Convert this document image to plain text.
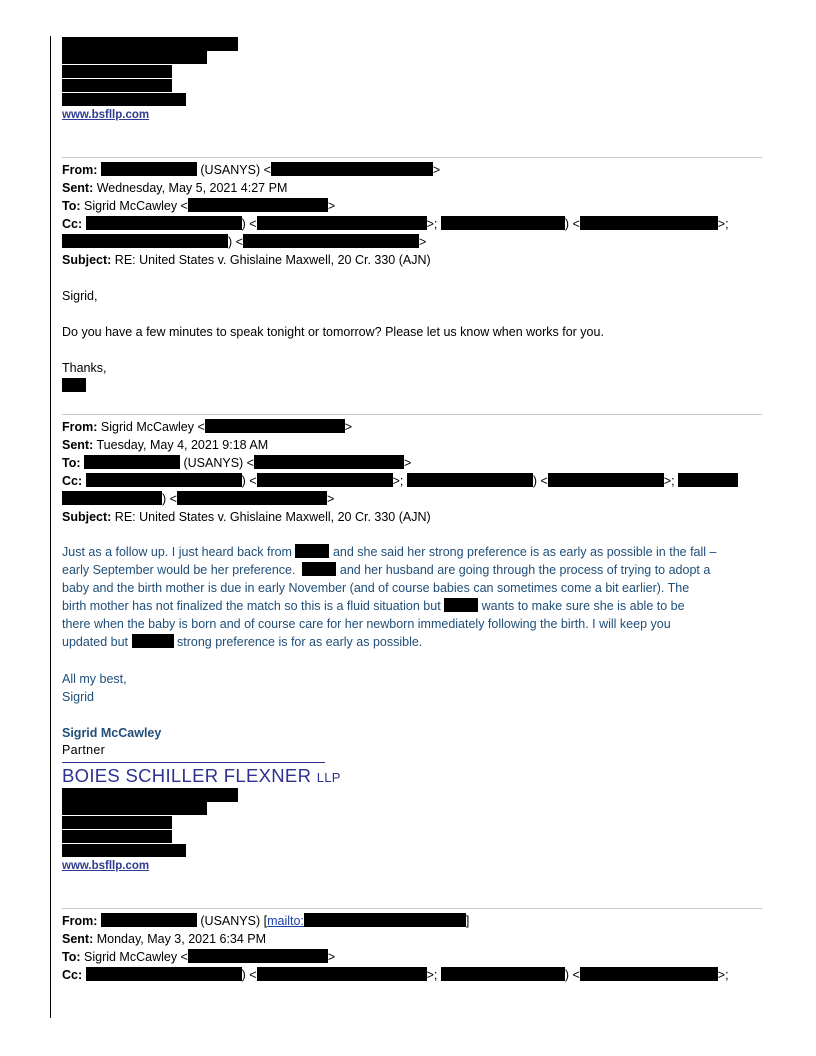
www.bsfllp.com
From:	(USANYS) <	>
Sent: Wednesday, May 5, 2021 4:27 PM
To: Sigrid McCawley <	>
Cc:	) <	>;	) <	>;
) <	>
Subject: RE: United States v. Ghislaine Maxwell, 20 Cr. 330 (AJN)
Sigrid,
Do you have a few minutes to speak tonight or tomorrow? Please let us know when works for you.
Thanks,
From: Sigrid McCawley <	>
Sent: Tuesday, May 4, 2021 9:18 AM
To:	(USANYS) <	>
Cc:	) <	>;	) <	>;
) <	>
Subject: RE: United States v. Ghislaine Maxwell, 20 Cr. 330 (AJN)
Just as a follow up. I just heard back from	and she said her strong preference is as early as possible in the fall –
early September would be her preference.	and her husband are going through the process of trying to adopt a
baby and the birth mother is due in early November (and of course babies can sometimes come a bit earlier). The
birth mother has not finalized the match so this is a fluid situation but	wants to make sure she is able to be
there when the baby is born and of course care for her newborn immediately following the birth. I will keep you
updated but	strong preference is for as early as possible.
All my best,
Sigrid
Sigrid McCawley
Partner
BOIES SCHILLER FLEXNER LLP
www.bsfllp.com
From:	(USANYS) [mailto:	]
Sent: Monday, May 3, 2021 6:34 PM
To: Sigrid McCawley <	>
Cc:	) <	>;	) <	>;
